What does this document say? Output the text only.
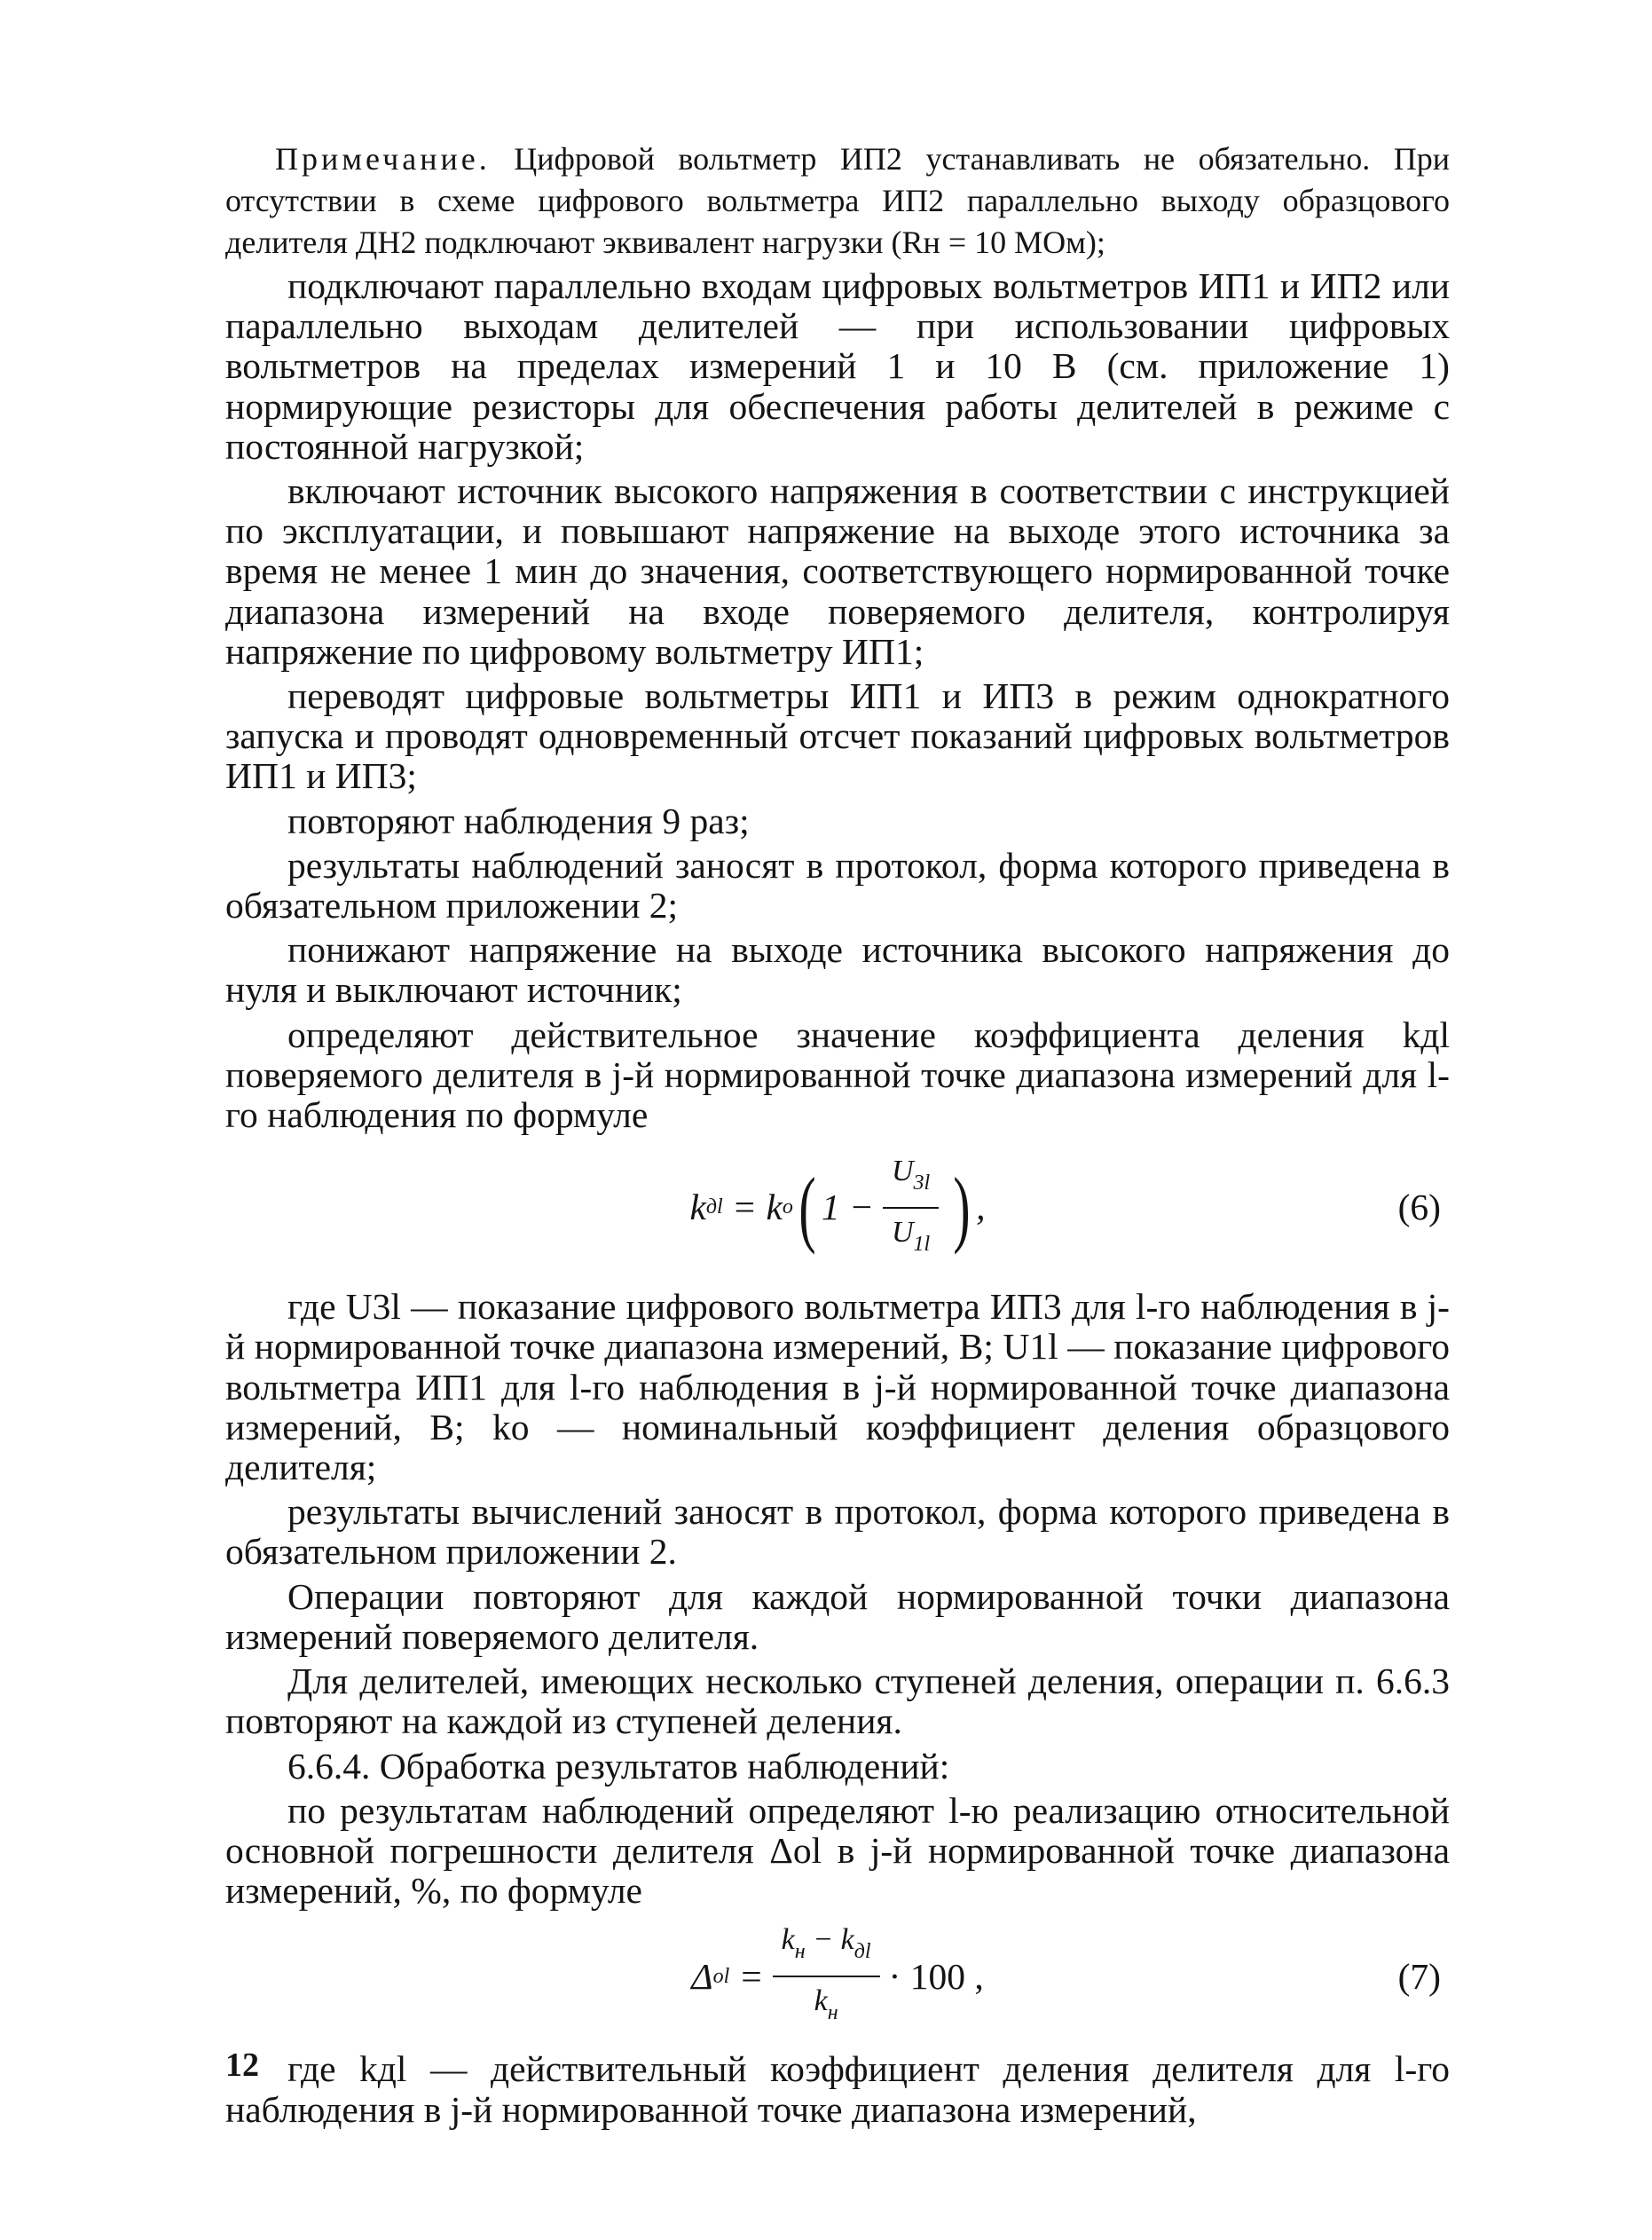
Примечание. Цифровой вольтметр ИП2 устанавливать не обязательно. При отсутствии в схеме цифрового вольтметра ИП2 параллельно выходу образцового делителя ДН2 подключают эквивалент нагрузки (Rн = 10 МОм);

подключают параллельно входам цифровых вольтметров ИП1 и ИП2 или параллельно выходам делителей — при использовании цифровых вольтметров на пределах измерений 1 и 10 В (см. приложение 1) нормирующие резисторы для обеспечения работы делителей в режиме с постоянной нагрузкой;

включают источник высокого напряжения в соответствии с инструкцией по эксплуатации, и повышают напряжение на выходе этого источника за время не менее 1 мин до значения, соответствующего нормированной точке диапазона измерений на входе поверяемого делителя, контролируя напряжение по цифровому вольтметру ИП1;

переводят цифровые вольтметры ИП1 и ИП3 в режим однократного запуска и проводят одновременный отсчет показаний цифровых вольтметров ИП1 и ИП3;

повторяют наблюдения 9 раз;

результаты наблюдений заносят в протокол, форма которого приведена в обязательном приложении 2;

понижают напряжение на выходе источника высокого напряжения до нуля и выключают источник;

определяют действительное значение коэффициента деления kдl поверяемого делителя в j-й нормированной точке диапазона измерений для l-го наблюдения по формуле

k дl
=
k о ( $1 - \frac{U_{3l}}{U_{1l}}$ ) ,	(6)

где U3l — показание цифрового вольтметра ИП3 для l-го наблюдения в j-й нормированной точке диапазона измерений, В; U1l — показание цифрового вольтметра ИП1 для l-го наблюдения в j-й нормированной точке диапазона измерений, В; kо — номинальный коэффициент деления образцового делителя;

результаты вычислений заносят в протокол, форма которого приведена в обязательном приложении 2.

Операции повторяют для каждой нормированной точки диапазона измерений поверяемого делителя.

Для делителей, имеющих несколько ступеней деления, операции п. 6.6.3 повторяют на каждой из ступеней деления.

6.6.4. Обработка результатов наблюдений:

по результатам наблюдений определяют l-ю реализацию относительной основной погрешности делителя Δоl в j-й нормированной точке диапазона измерений, %, по формуле

Δ оl
= $\frac{k_н - k_{дl}}{k_н} \cdot 100$ ,	(7)

где kдl — действительный коэффициент деления делителя для l-го наблюдения в j-й нормированной точке диапазона измерений,

12
